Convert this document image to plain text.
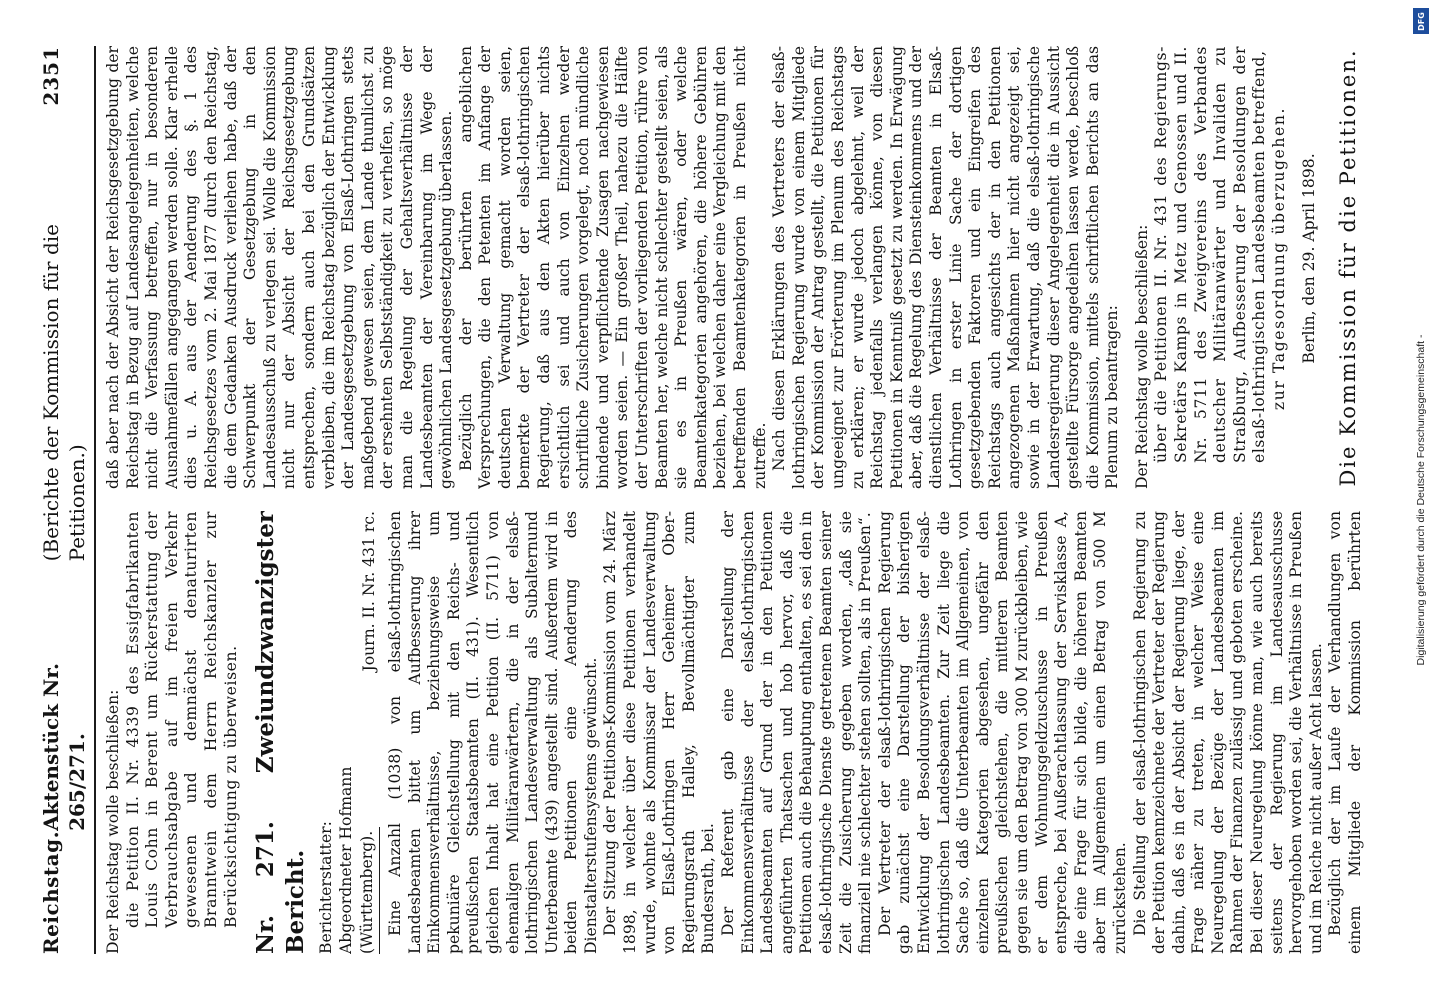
Reichstag.
Aktenstück Nr. 265/271.
(Berichte der Kommission für die Petitionen.)
2351

Der Reichstag wolle beschließen: die Petition II. Nr. 4339 des Essigfabrikanten Louis Cohn in Berent um Rückerstattung der Verbrauchsabgabe auf im freien Verkehr gewesenen und demnächst denaturirten Branntwein dem Herrn Reichskanzler zur Berücksichtigung zu überweisen. Nr. 271. Zweiundzwanzigster Bericht. Berichterstatter: Abgeordneter Hofmann (Württemberg).
Journ. II. Nr. 431 rc. Eine Anzahl (1038) von elsaß-lothringischen Landesbeamten bittet um Aufbesserung ihrer Einkommensverhältnisse, beziehungsweise um pekuniäre Gleichstellung mit den Reichs- und preußischen Staatsbeamten (II. 431). Wesentlich gleichen Inhalt hat eine Petition (II. 5711) von ehemaligen Militäranwärtern, die in der elsaß-lothringischen Landesverwaltung als Subalternund Unterbeamte (439) angestellt sind. Außerdem wird in beiden Petitionen eine Aenderung des Dienstalterstufensystems gewünscht. Der Sitzung der Petitions-Kommission vom 24. März 1898, in welcher über diese Petitionen verhandelt wurde, wohnte als Kommissar der Landesverwaltung von Elsaß-Lothringen Herr Geheimer Ober-Regierungsrath Halley, Bevollmächtigter zum Bundesrath, bei. Der Referent gab eine Darstellung der Einkommensverhältnisse der elsaß-lothringischen Landesbeamten auf Grund der in den Petitionen angeführten Thatsachen und hob hervor, daß die Petitionen auch die Behauptung enthalten, es sei den in elsaß-lothringische Dienste getretenen Beamten seiner Zeit die Zusicherung gegeben worden, „daß sie finanziell nie schlechter stehen sollten, als in Preußen“. Der Vertreter der elsaß-lothringischen Regierung gab zunächst eine Darstellung der bisherigen Entwicklung der Besoldungsverhältnisse der elsaß-lothringischen Landesbeamten. Zur Zeit liege die Sache so, daß die Unterbeamten im Allgemeinen, von einzelnen Kategorien abgesehen, ungefähr den preußischen gleichstehen, die mittleren Beamten gegen sie um den Betrag von 300 M zurückbleiben, wie er dem Wohnungsgeldzuschusse in Preußen entspreche, bei Außerachtlassung der Servisklasse A, die eine Frage für sich bilde, die höheren Beamten aber im Allgemeinen um einen Betrag von 500 M zurückstehen. Die Stellung der elsaß-lothringischen Regierung zu der Petition kennzeichnete der Vertreter der Regierung dahin, daß es in der Absicht der Regierung liege, der Frage näher zu treten, in welcher Weise eine Neuregelung der Bezüge der Landesbeamten im Rahmen der Finanzen zulässig und geboten erscheine. Bei dieser Neuregelung könne man, wie auch bereits seitens der Regierung im Landesausschusse hervorgehoben worden sei, die Verhältnisse in Preußen und im Reiche nicht außer Acht lassen. Bezüglich der im Laufe der Verhandlungen von einem Mitgliede der Kommission berührten

daß aber nach der Absicht der Reichsgesetzgebung der Reichstag in Bezug auf Landesangelegenheiten, welche nicht die Verfassung betreffen, nur in besonderen Ausnahmefällen angegangen werden solle. Klar erhelle dies u. A. aus der Aenderung des §. 1 des Reichsgesetzes vom 2. Mai 1877 durch den Reichstag, die dem Gedanken Ausdruck verliehen habe, daß der Schwerpunkt der Gesetzgebung in den Landesausschuß zu verlegen sei. Wolle die Kommission nicht nur der Absicht der Reichsgesetzgebung entsprechen, sondern auch bei den Grundsätzen verbleiben, die im Reichstag bezüglich der Entwicklung der Landesgesetzgebung von Elsaß-Lothringen stets maßgebend gewesen seien, dem Lande thunlichst zu der ersehnten Selbstständigkeit zu verhelfen, so möge man die Regelung der Gehaltsverhältnisse der Landesbeamten der Vereinbarung im Wege der gewöhnlichen Landesgesetzgebung überlassen. Bezüglich der berührten angeblichen Versprechungen, die den Petenten im Anfange der deutschen Verwaltung gemacht worden seien, bemerkte der Vertreter der elsaß-lothringischen Regierung, daß aus den Akten hierüber nichts ersichtlich sei und auch von Einzelnen weder schriftliche Zusicherungen vorgelegt, noch mündliche bindende und verpflichtende Zusagen nachgewiesen worden seien. — Ein großer Theil, nahezu die Hälfte der Unterschriften der vorliegenden Petition, rühre von Beamten her, welche nicht schlechter gestellt seien, als sie es in Preußen wären, oder welche Beamtenkategorien angehören, die höhere Gebühren beziehen, bei welchen daher eine Vergleichung mit den betreffenden Beamtenkategorien in Preußen nicht zutreffe. Nach diesen Erklärungen des Vertreters der elsaß-lothringischen Regierung wurde von einem Mitgliede der Kommission der Antrag gestellt, die Petitionen für ungeeignet zur Erörterung im Plenum des Reichstags zu erklären; er wurde jedoch abgelehnt, weil der Reichstag jedenfalls verlangen könne, von diesen Petitionen in Kenntniß gesetzt zu werden. In Erwägung aber, daß die Regelung des Diensteinkommens und der dienstlichen Verhältnisse der Beamten in Elsaß-Lothringen in erster Linie Sache der dortigen gesetzgebenden Faktoren und ein Eingreifen des Reichstags auch angesichts der in den Petitionen angezogenen Maßnahmen hier nicht angezeigt sei, sowie in der Erwartung, daß die elsaß-lothringische Landesregierung dieser Angelegenheit die in Aussicht gestellte Fürsorge angedeihen lassen werde, beschloß die Kommission, mittels schriftlichen Berichts an das Plenum zu beantragen: Der Reichstag wolle beschließen: über die Petitionen II. Nr. 431 des Regierungs-Sekretärs Kamps in Metz und Genossen und II. Nr. 5711 des Zweigvereins des Verbandes deutscher Militäranwärter und Invaliden zu Straßburg, Aufbesserung der Besoldungen der elsaß-lothringischen Landesbeamten betreffend, zur Tagesordnung überzugehen. Berlin, den 29. April 1898. Die Kommission für die Petitionen.

Digitalisierung gefördert durch die Deutsche Forschungsgemeinschaft -
DFG
